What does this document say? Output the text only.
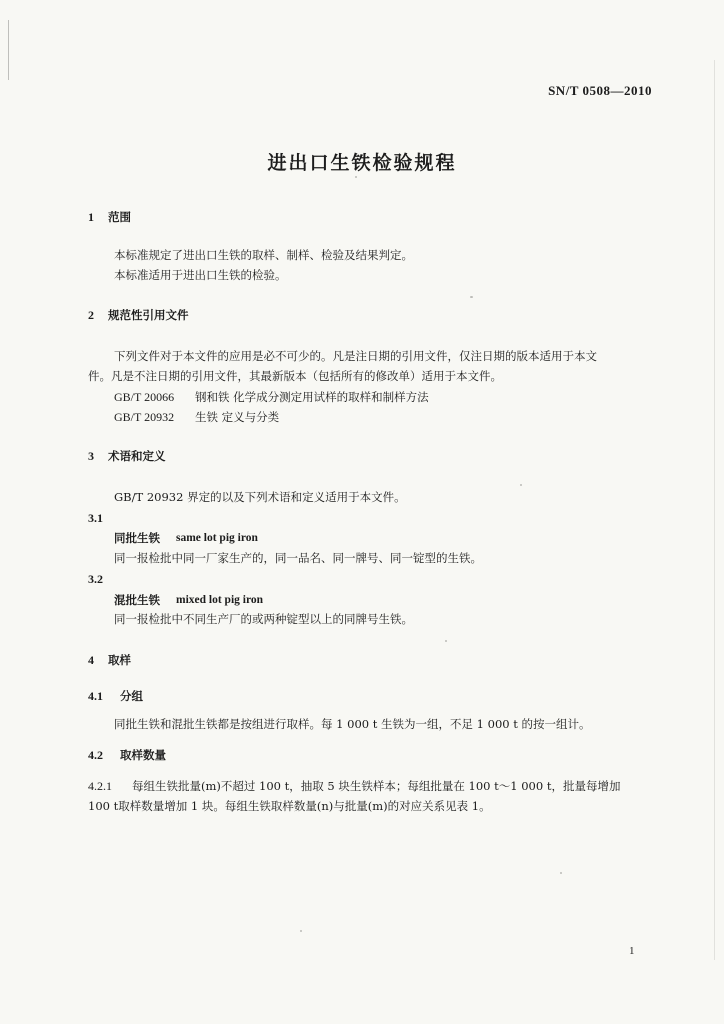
SN/T 0508—2010
进出口生铁检验规程
1 范围
本标准规定了进出口生铁的取样、制样、检验及结果判定。
本标准适用于进出口生铁的检验。
2 规范性引用文件
下列文件对于本文件的应用是必不可少的。凡是注日期的引用文件，仅注日期的版本适用于本文
件。凡是不注日期的引用文件，其最新版本（包括所有的修改单）适用于本文件。
GB/T 20066 钢和铁 化学成分测定用试样的取样和制样方法
GB/T 20932 生铁 定义与分类
3 术语和定义
GB/T 20932 界定的以及下列术语和定义适用于本文件。
3.1
同批生铁 same lot pig iron
同一报检批中同一厂家生产的，同一品名、同一牌号、同一锭型的生铁。
3.2
混批生铁 mixed lot pig iron
同一报检批中不同生产厂的或两种锭型以上的同牌号生铁。
4 取样
4.1 分组
同批生铁和混批生铁都是按组进行取样。每 1 000 t 生铁为一组，不足 1 000 t 的按一组计。
4.2 取样数量
4.2.1 每组生铁批量(m)不超过 100 t，抽取 5 块生铁样本；每组批量在 100 t～1 000 t，批量每增加
100 t取样数量增加 1 块。每组生铁取样数量(n)与批量(m)的对应关系见表 1。
1
